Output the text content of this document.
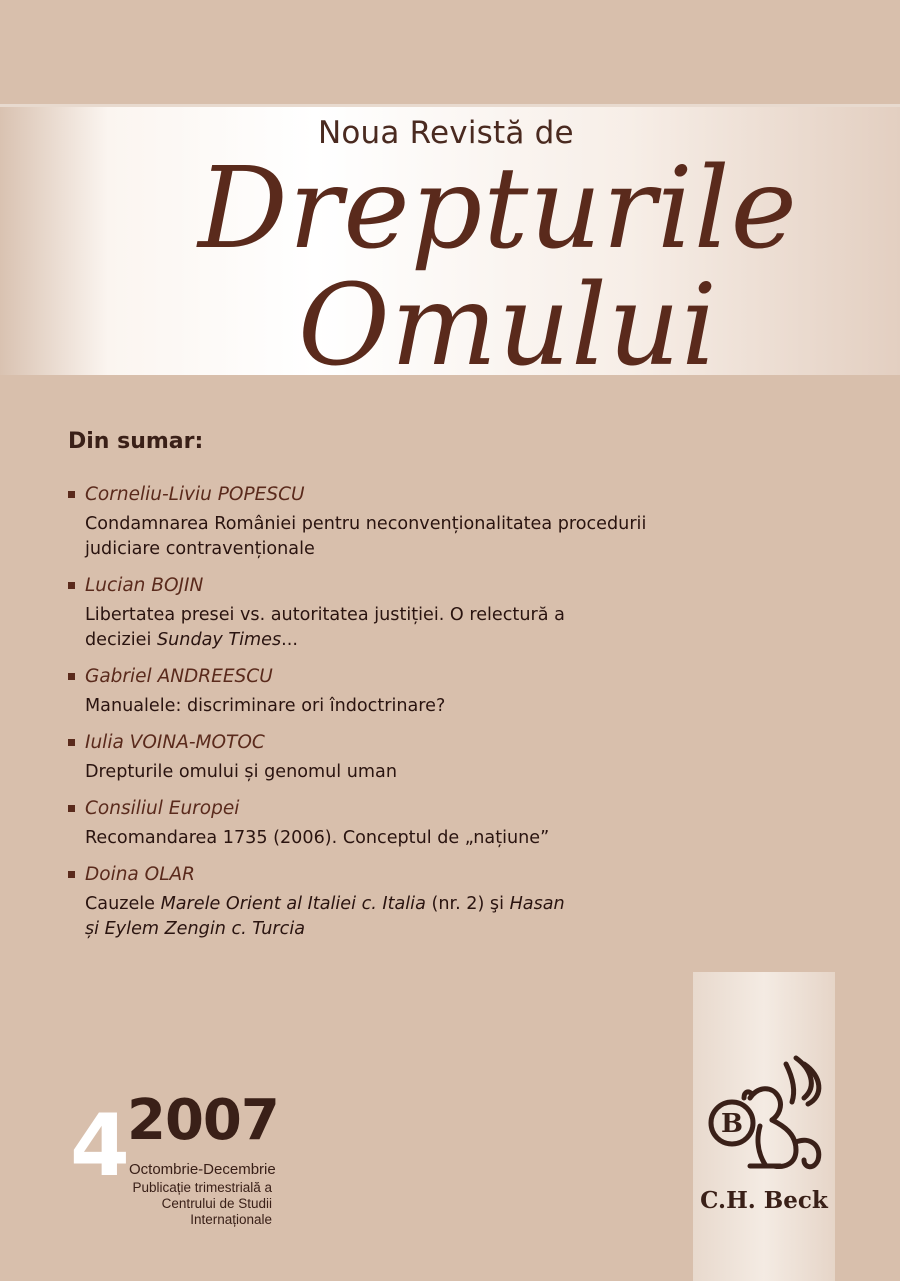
Noua Revistă de
Drepturile
Omului
Din sumar:
Corneliu-Liviu POPESCU
Condamnarea României pentru neconvenționalitatea procedurii
judiciare contravenționale
Lucian BOJIN
Libertatea presei vs. autoritatea justiției. O relectură a
deciziei Sunday Times...
Gabriel ANDREESCU
Manualele: discriminare ori îndoctrinare?
Iulia VOINA-MOTOC
Drepturile omului și genomul uman
Consiliul Europei
Recomandarea 1735 (2006). Conceptul de „națiune”
Doina OLAR
Cauzele Marele Orient al Italiei c. Italia (nr. 2) şi Hasan
și Eylem Zengin c. Turcia
4 2007
Octombrie-Decembrie
Publicație trimestrială a
Centrului de Studii Internaționale
B
C.H. Beck
